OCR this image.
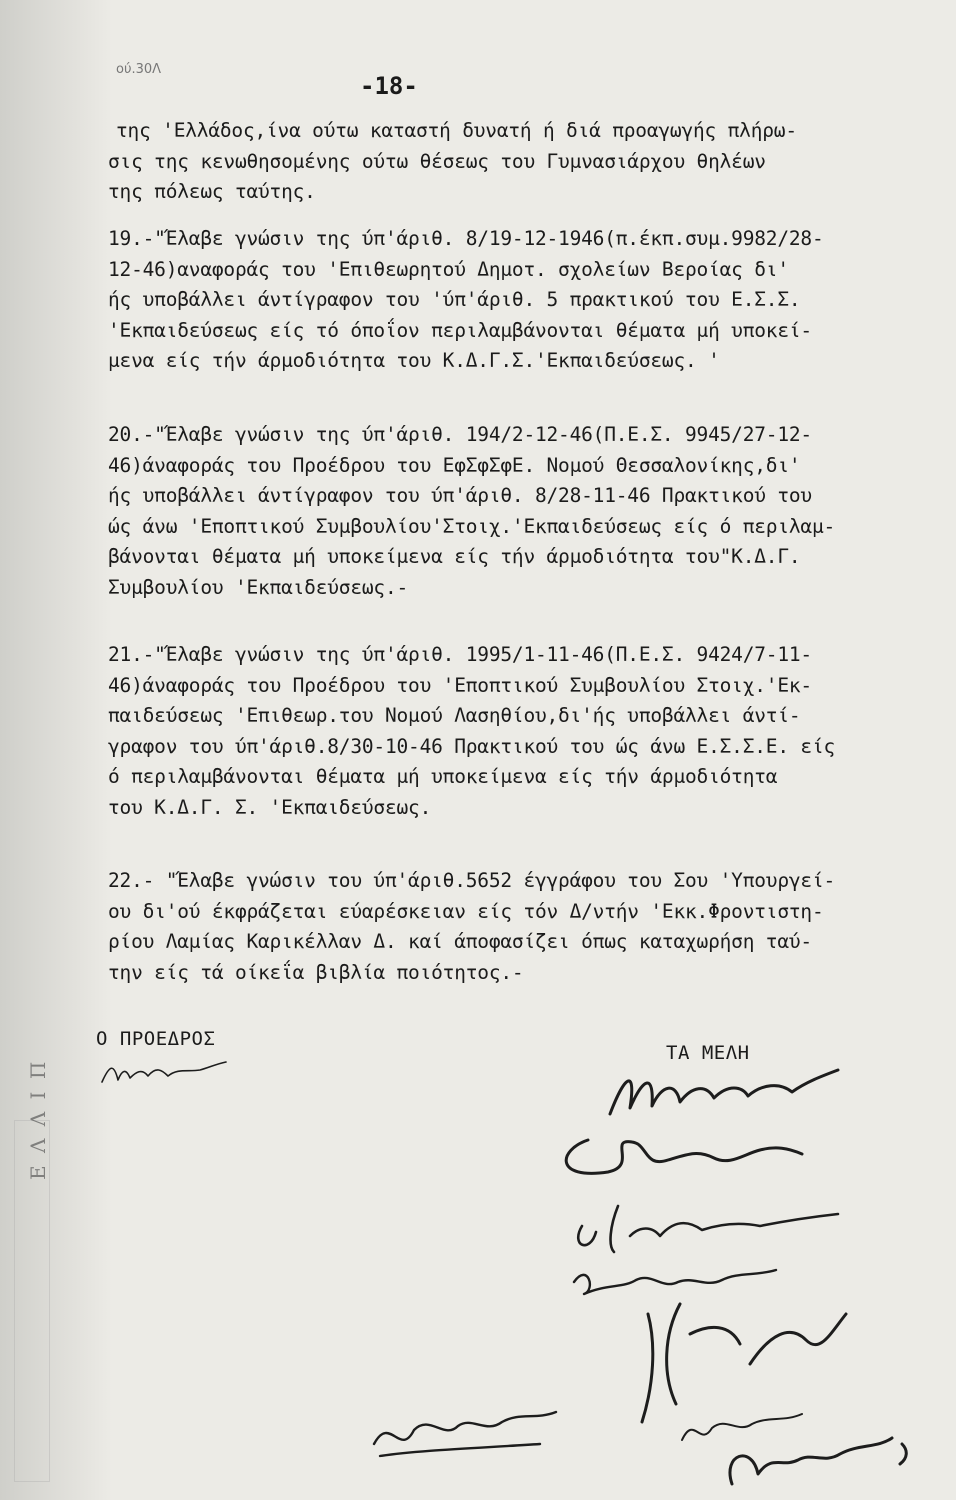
Ε Λ Λ Ι Π
ού.30Λ
-18-
της 'Ελλάδος,ίνα ούτω καταστή δυνατή ή διά προαγωγής πλήρω-
σις της κενωθησομένης ούτω θέσεως του Γυμνασιάρχου θηλέων
της πόλεως ταύτης.
19.-"Έλαβε γνώσιν της ύπ'άριθ. 8/19-12-1946(π.έκπ.συμ.9982/28-
12-46)αναφοράς του 'Επιθεωρητού Δημοτ. σχολείων Βεροίας δι'
ής υποβάλλει άντίγραφον του 'ύπ'άριθ. 5 πρακτικού του Ε.Σ.Σ.
'Εκπαιδεύσεως είς τό όποΐον περιλαμβάνονται θέματα μή υποκεί-
μενα είς τήν άρμοδιότητα του Κ.Δ.Γ.Σ.'Εκπαιδεύσεως. '
20.-"Έλαβε γνώσιν της ύπ'άριθ. 194/2-12-46(Π.Ε.Σ. 9945/27-12-
46)άναφοράς του Προέδρου του ΕφΣφΣφΕ. Νομού Θεσσαλονίκης,δι'
ής υποβάλλει άντίγραφον του ύπ'άριθ. 8/28-11-46 Πρακτικού του
ώς άνω 'Εποπτικού Συμβουλίου'Στοιχ.'Εκπαιδεύσεως είς ό περιλαμ-
βάνονται θέματα μή υποκείμενα είς τήν άρμοδιότητα του"Κ.Δ.Γ.
Συμβουλίου 'Εκπαιδεύσεως.-
21.-"Έλαβε γνώσιν της ύπ'άριθ. 1995/1-11-46(Π.Ε.Σ. 9424/7-11-
46)άναφοράς του Προέδρου του 'Εποπτικού Συμβουλίου Στοιχ.'Εκ-
παιδεύσεως 'Επιθεωρ.του Νομού Λασηθίου,δι'ής υποβάλλει άντί-
γραφον του ύπ'άριθ.8/30-10-46 Πρακτικού του ώς άνω Ε.Σ.Σ.Ε. είς
ό περιλαμβάνονται θέματα μή υποκείμενα είς τήν άρμοδιότητα
του Κ.Δ.Γ. Σ. 'Εκπαιδεύσεως.
22.- "Έλαβε γνώσιν του ύπ'άριθ.5652 έγγράφου του Σου 'Υπουργεί-
ου δι'ού έκφράζεται εύαρέσκειαν είς τόν Δ/ντήν 'Εκκ.Φροντιστη-
ρίου Λαμίας Καρικέλλαν Δ. καί άποφασίζει όπως καταχωρήση ταύ-
την είς τά οίκεΐα βιβλία ποιότητος.-
Ο ΠΡΟΕΔΡΟΣ
ΤΑ ΜΕΛΗ
